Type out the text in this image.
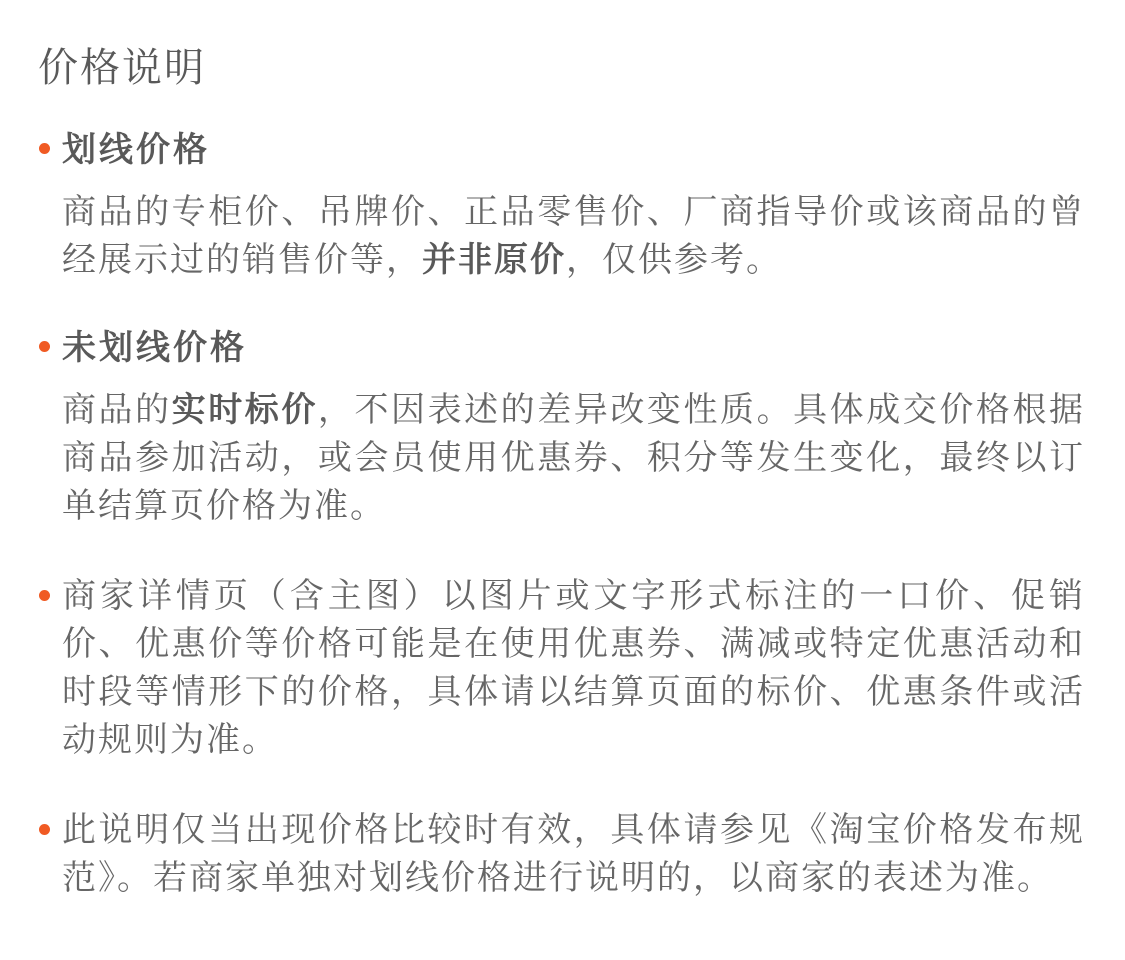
价格说明
划线价格

商品的专柜价、吊牌价、正品零售价、厂商指导价或该商品的曾经展示过的销售价等，并非原价，仅供参考。

未划线价格

商品的实时标价，不因表述的差异改变性质。具体成交价格根据商品参加活动，或会员使用优惠券、积分等发生变化，最终以订单结算页价格为准。

商家详情页（含主图）以图片或文字形式标注的一口价、促销价、优惠价等价格可能是在使用优惠券、满减或特定优惠活动和时段等情形下的价格，具体请以结算页面的标价、优惠条件或活动规则为准。

此说明仅当出现价格比较时有效，具体请参见《淘宝价格发布规范》。若商家单独对划线价格进行说明的，以商家的表述为准。
